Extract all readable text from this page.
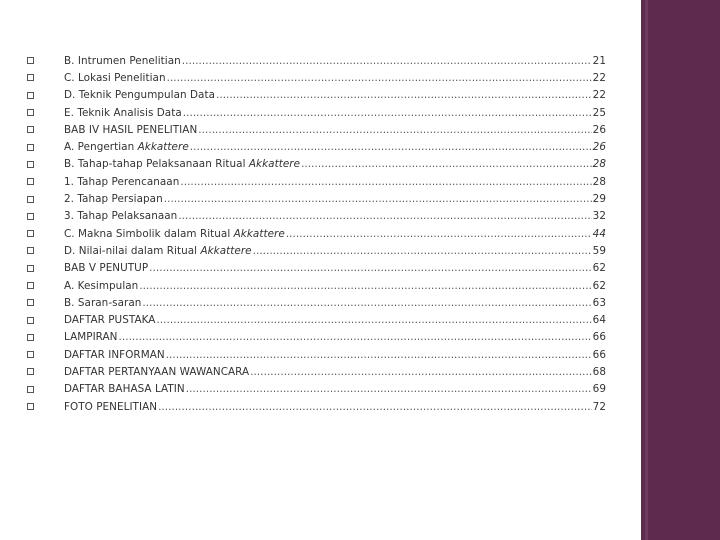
B. Intrumen Penelitian .....	21
C. Lokasi Penelitian .....	22
D. Teknik Pengumpulan Data .....	22
E. Teknik Analisis Data .....	25
BAB IV HASIL PENELITIAN .....	26
A. Pengertian Akkattere .....	26
B. Tahap-tahap Pelaksanaan Ritual Akkattere .....	28
1. Tahap Perencanaan .....	28
2. Tahap Persiapan .....	29
3. Tahap Pelaksanaan .....	32
C. Makna Simbolik dalam Ritual Akkattere .....	44
D. Nilai-nilai dalam Ritual Akkattere .....	59
BAB V PENUTUP .....	62
A. Kesimpulan .....	62
B. Saran-saran .....	63
DAFTAR PUSTAKA .....	64
LAMPIRAN .....	66
DAFTAR INFORMAN .....	66
DAFTAR PERTANYAAN WAWANCARA .....	68
DAFTAR BAHASA LATIN .....	69
FOTO PENELITIAN .....	72
